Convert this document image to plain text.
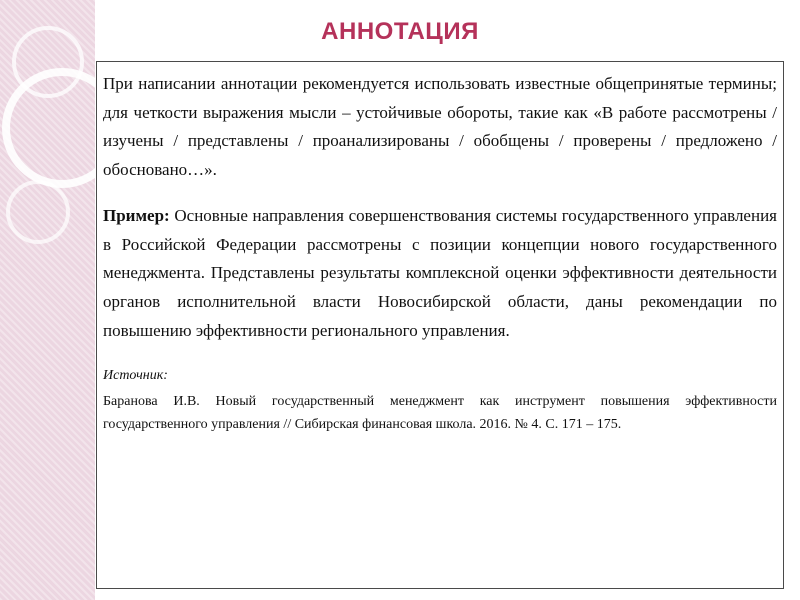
АННОТАЦИЯ

При написании аннотации рекомендуется использовать известные общепринятые термины; для четкости выражения мысли – устойчивые обороты, такие как «В работе рассмотрены / изучены / представлены / проанализированы / обобщены / проверены / предложено / обосновано…».

Пример: Основные направления совершенствования системы государственного управления в Российской Федерации рассмотрены с позиции концепции нового государственного менеджмента. Представлены результаты комплексной оценки эффективности деятельности органов исполнительной власти Новосибирской области, даны рекомендации по повышению эффективности регионального управления.

Источник:

Баранова И.В. Новый государственный менеджмент как инструмент повышения эффективности государственного управления // Сибирская финансовая школа. 2016. № 4. С. 171 – 175.
